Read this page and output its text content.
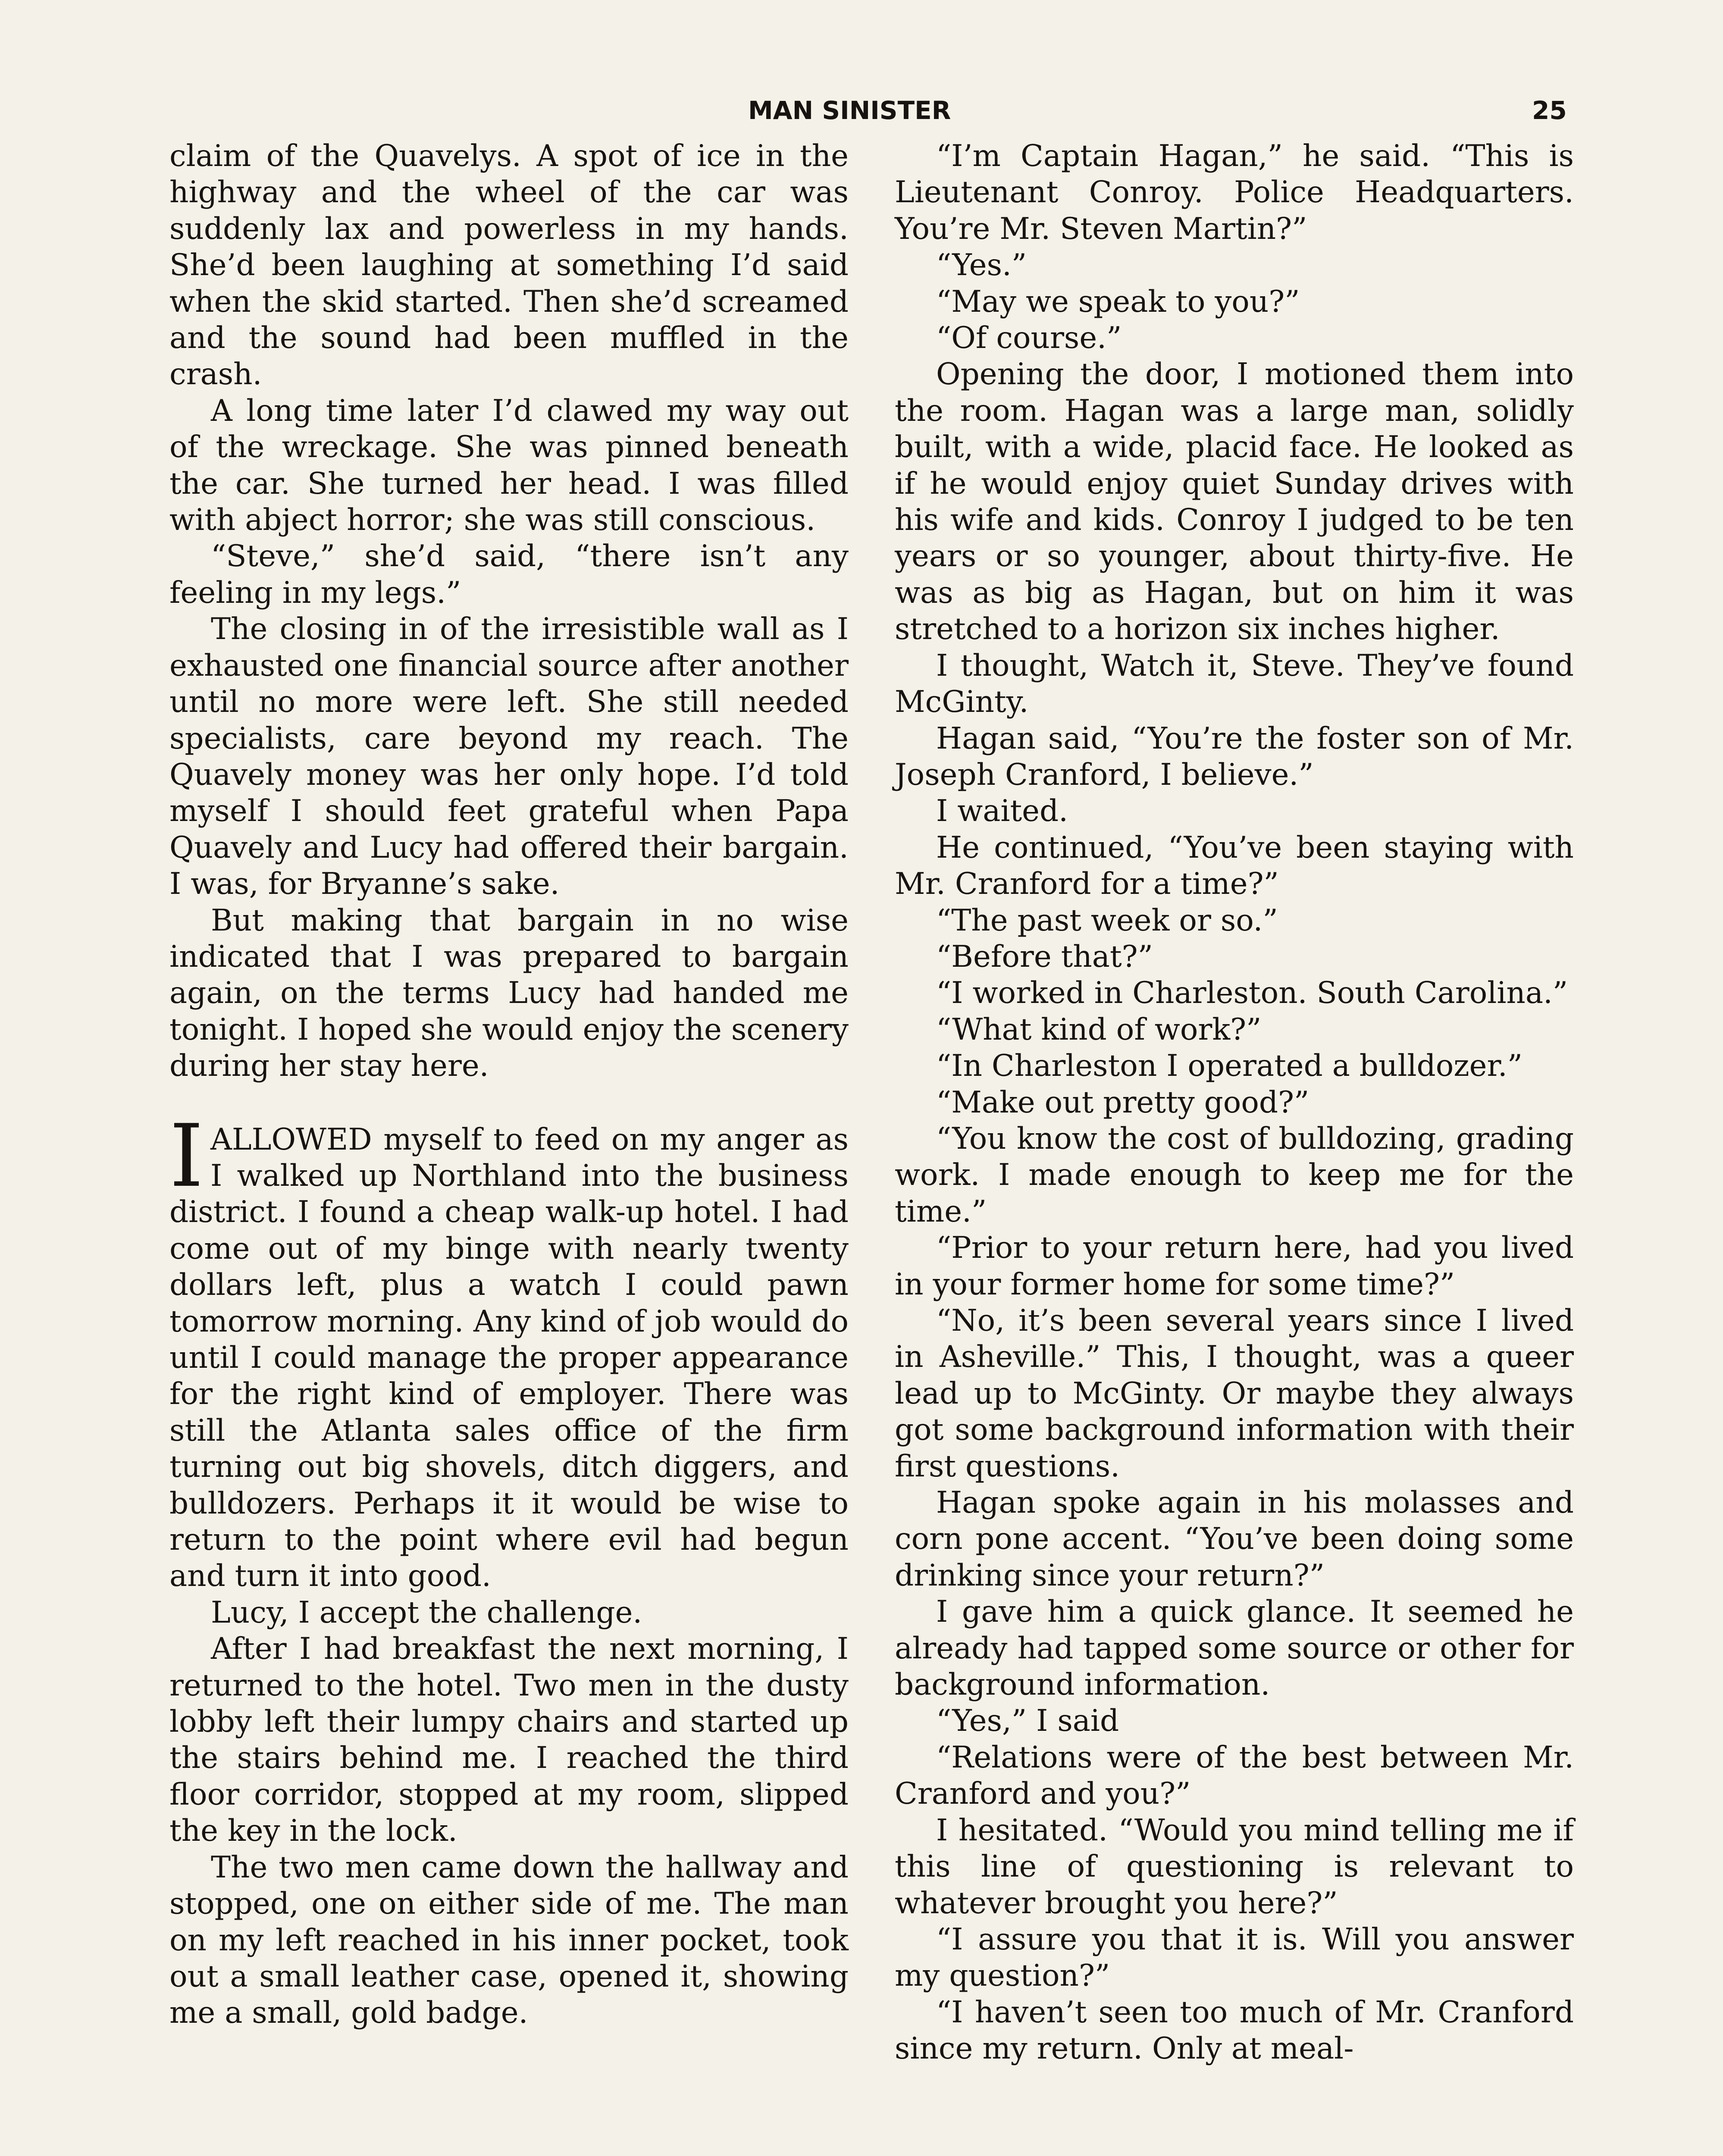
MAN SINISTER	25

claim of the Quavelys. A spot of ice in the highway and the wheel of the car was suddenly lax and powerless in my hands. She’d been laughing at something I’d said when the skid started. Then she’d screamed and the sound had been muffled in the crash.

A long time later I’d clawed my way out of the wreckage. She was pinned beneath the car. She turned her head. I was filled with abject horror; she was still conscious.

“Steve,” she’d said, “there isn’t any feeling in my legs.”

The closing in of the irresistible wall as I exhausted one financial source after another until no more were left. She still needed specialists, care beyond my reach. The Quavely money was her only hope. I’d told myself I should feet grateful when Papa Quavely and Lucy had offered their bargain. I was, for Bryanne’s sake.

But making that bargain in no wise indicated that I was prepared to bargain again, on the terms Lucy had handed me tonight. I hoped she would enjoy the scenery during her stay here.

IALLOWED myself to feed on my anger as I walked up Northland into the business district. I found a cheap walk-up hotel. I had come out of my binge with nearly twenty dollars left, plus a watch I could pawn tomorrow morning. Any kind of job would do until I could manage the proper appearance for the right kind of employer. There was still the Atlanta sales office of the firm turning out big shovels, ditch diggers, and bulldozers. Perhaps it it would be wise to return to the point where evil had begun and turn it into good.

Lucy, I accept the challenge.

After I had breakfast the next morning, I returned to the hotel. Two men in the dusty lobby left their lumpy chairs and started up the stairs behind me. I reached the third floor corridor, stopped at my room, slipped the key in the lock.

The two men came down the hallway and stopped, one on either side of me. The man on my left reached in his inner pocket, took out a small leather case, opened it, showing me a small, gold badge.

“I’m Captain Hagan,” he said. “This is Lieutenant Conroy. Police Headquarters. You’re Mr. Steven Martin?”

“Yes.”

“May we speak to you?”

“Of course.”

Opening the door, I motioned them into the room. Hagan was a large man, solidly built, with a wide, placid face. He looked as if he would enjoy quiet Sunday drives with his wife and kids. Conroy I judged to be ten years or so younger, about thirty-five. He was as big as Hagan, but on him it was stretched to a horizon six inches higher.

I thought, Watch it, Steve. They’ve found McGinty.

Hagan said, “You’re the foster son of Mr. Joseph Cranford, I believe.”

I waited.

He continued, “You’ve been staying with Mr. Cranford for a time?”

“The past week or so.”

“Before that?”

“I worked in Charleston. South Carolina.”

“What kind of work?”

“In Charleston I operated a bulldozer.”

“Make out pretty good?”

“You know the cost of bulldozing, grading work. I made enough to keep me for the time.”

“Prior to your return here, had you lived in your former home for some time?”

“No, it’s been several years since I lived in Asheville.” This, I thought, was a queer lead up to McGinty. Or maybe they always got some background information with their first questions.

Hagan spoke again in his molasses and corn pone accent. “You’ve been doing some drinking since your return?”

I gave him a quick glance. It seemed he already had tapped some source or other for background information.

“Yes,” I said

“Relations were of the best between Mr. Cranford and you?”

I hesitated. “Would you mind telling me if this line of questioning is relevant to whatever brought you here?”

“I assure you that it is. Will you answer my question?”

“I haven’t seen too much of Mr. Cranford since my return. Only at meal-
